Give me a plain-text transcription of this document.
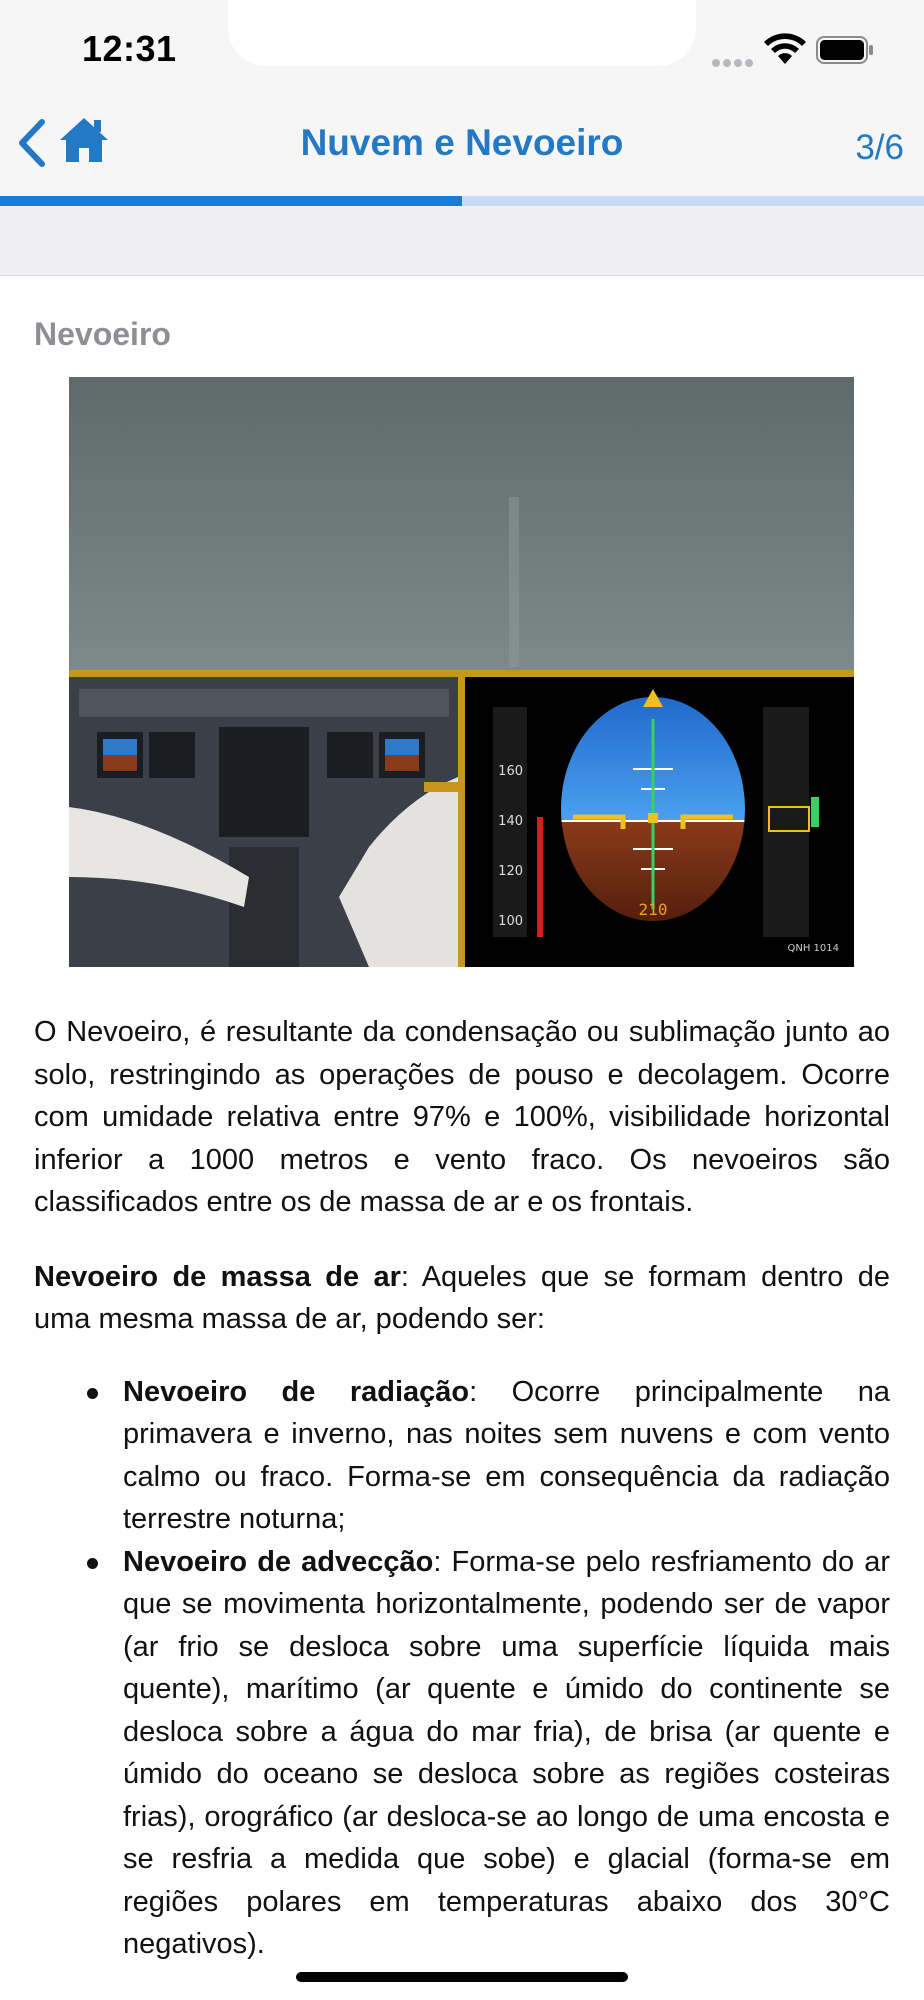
12:31
Nuvem e Nevoeiro	3/6
Nevoeiro
210
160
140
120
100
QNH 1014

O Nevoeiro, é resultante da condensação ou sublimação junto ao solo, restringindo as operações de pouso e decolagem. Ocorre com umidade relativa entre 97% e 100%, visibilidade horizontal inferior a 1000 metros e vento fraco. Os nevoeiros são classificados entre os de massa de ar e os frontais.

Nevoeiro de massa de ar: Aqueles que se formam dentro de uma mesma massa de ar, podendo ser:

Nevoeiro de radiação: Ocorre principalmente na primavera e inverno, nas noites sem nuvens e com vento calmo ou fraco. Forma-se em consequência da radiação terrestre noturna;
Nevoeiro de advecção: Forma-se pelo resfriamento do ar que se movimenta horizontalmente, podendo ser de vapor (ar frio se desloca sobre uma superfície líquida mais quente), marítimo (ar quente e úmido do continente se desloca sobre a água do mar fria), de brisa (ar quente e úmido do oceano se desloca sobre as regiões costeiras frias), orográfico (ar desloca-se ao longo de uma encosta e se resfria a medida que sobe) e glacial (forma-se em regiões polares em temperaturas abaixo dos 30°C negativos).
